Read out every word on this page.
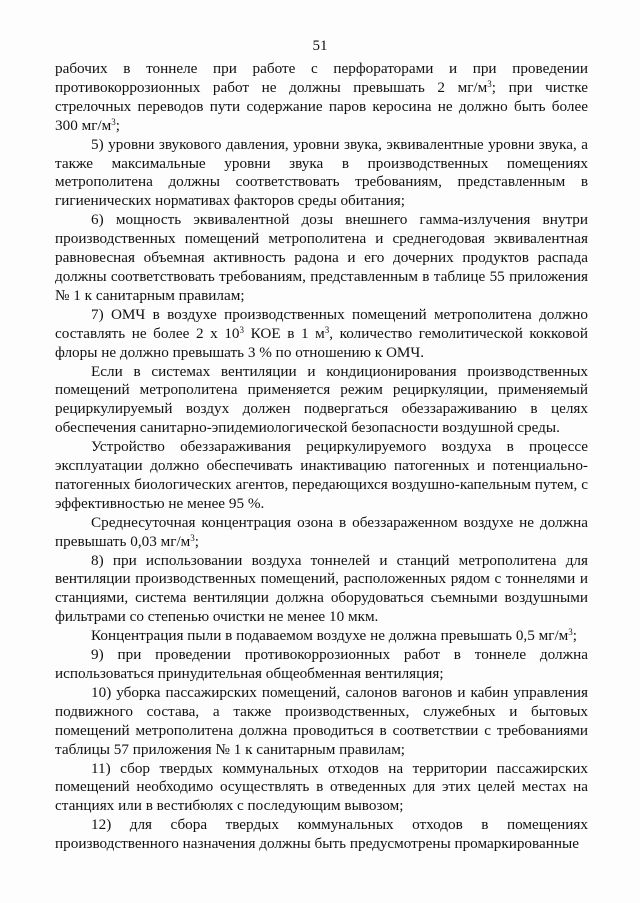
51

рабочих в тоннеле при работе с перфораторами и при проведении противокоррозионных работ не должны превышать 2 $мг/м^3$; при чистке стрелочных переводов пути содержание паров керосина не должно быть более 300 $мг/м^3$;

5) уровни звукового давления, уровни звука, эквивалентные уровни звука, а также максимальные уровни звука в производственных помещениях метрополитена должны соответствовать требованиям, представленным в гигиенических нормативах факторов среды обитания;

6) мощность эквивалентной дозы внешнего гамма-излучения внутри производственных помещений метрополитена и среднегодовая эквивалентная равновесная объемная активность радона и его дочерних продуктов распада должны соответствовать требованиям, представленным в таблице 55 приложения № 1 к санитарным правилам;

7) ОМЧ в воздухе производственных помещений метрополитена должно составлять не более 2 х $10^3$ КОЕ в 1 $м^3$, количество гемолитической кокковой флоры не должно превышать 3 % по отношению к ОМЧ.

Если в системах вентиляции и кондиционирования производственных помещений метрополитена применяется режим рециркуляции, применяемый рециркулируемый воздух должен подвергаться обеззараживанию в целях обеспечения санитарно-эпидемиологической безопасности воздушной среды.

Устройство обеззараживания рециркулируемого воздуха в процессе эксплуатации должно обеспечивать инактивацию патогенных и потенциально-патогенных биологических агентов, передающихся воздушно-капельным путем, с эффективностью не менее 95 %.

Среднесуточная концентрация озона в обеззараженном воздухе не должна превышать 0,03 $мг/м^3$;

8) при использовании воздуха тоннелей и станций метрополитена для вентиляции производственных помещений, расположенных рядом с тоннелями и станциями, система вентиляции должна оборудоваться съемными воздушными фильтрами со степенью очистки не менее 10 мкм.

Концентрация пыли в подаваемом воздухе не должна превышать 0,5 $мг/м^3$;

9) при проведении противокоррозионных работ в тоннеле должна использоваться принудительная общеобменная вентиляция;

10) уборка пассажирских помещений, салонов вагонов и кабин управления подвижного состава, а также производственных, служебных и бытовых помещений метрополитена должна проводиться в соответствии с требованиями таблицы 57 приложения № 1 к санитарным правилам;

11) сбор твердых коммунальных отходов на территории пассажирских помещений необходимо осуществлять в отведенных для этих целей местах на станциях или в вестибюлях с последующим вывозом;

12) для сбора твердых коммунальных отходов в помещениях производственного назначения должны быть предусмотрены промаркированные
